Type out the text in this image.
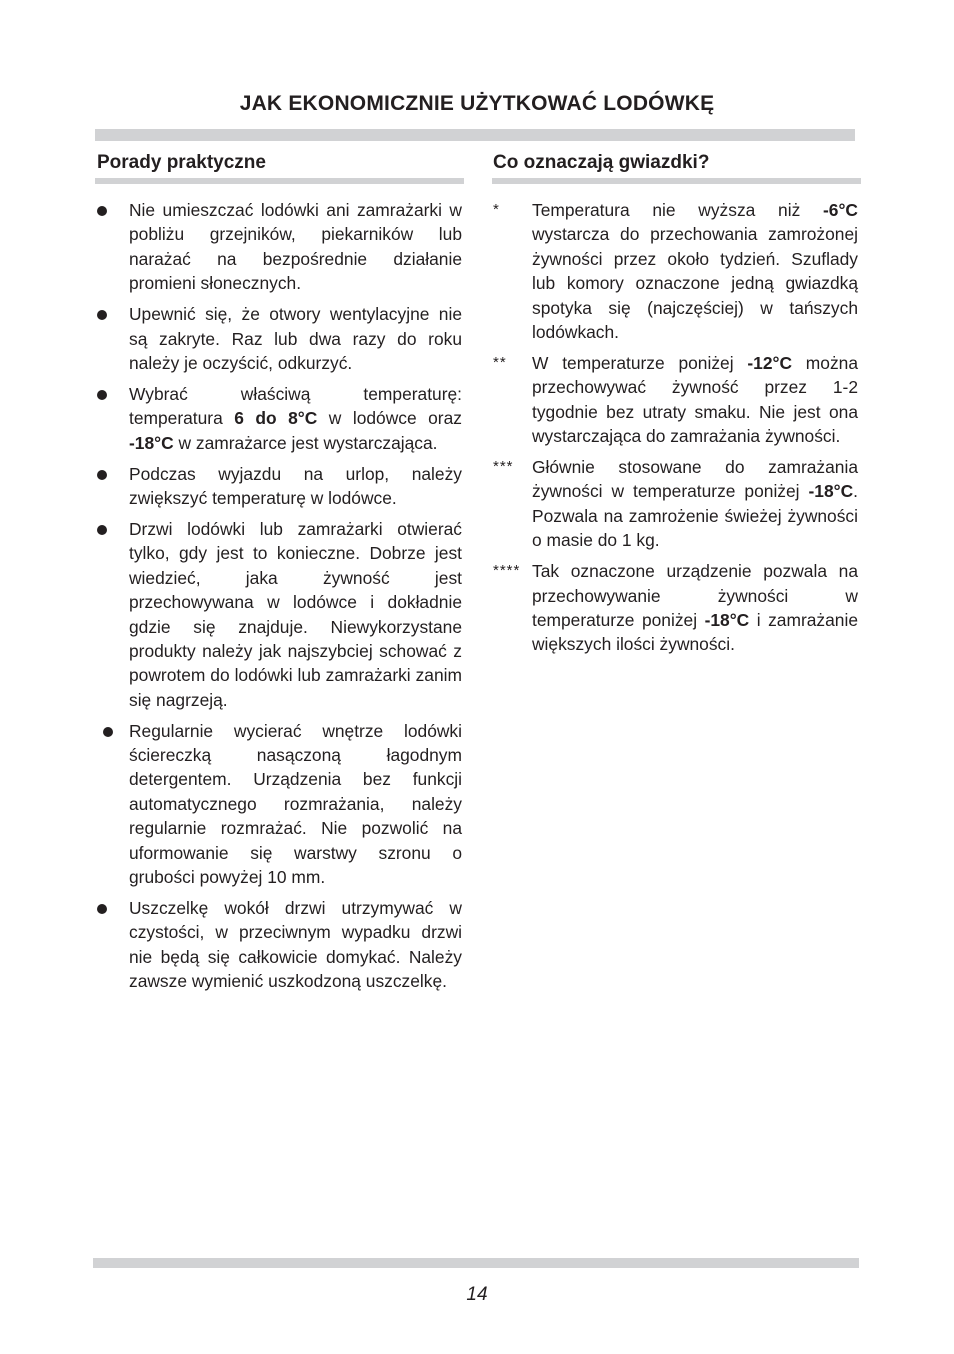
JAK EKONOMICZNIE UŻYTKOWAĆ LODÓWKĘ
Porady praktyczne	Co oznaczają gwiazdki?
Nie umieszczać lodówki ani zamrażarki w pobliżu grzejników, piekarników lub narażać na bezpośrednie działanie promieni słonecznych.
Upewnić się, że otwory wentylacyjne nie są zakryte. Raz lub dwa razy do roku należy je oczyścić, odkurzyć.
Wybrać właściwą temperaturę: temperatura 6 do 8°C w lodówce oraz -18°C w zamrażarce jest wystarczająca.
Podczas wyjazdu na urlop, należy zwiększyć temperaturę w lodówce.
Drzwi lodówki lub zamrażarki otwierać tylko, gdy jest to konieczne. Dobrze jest wiedzieć, jaka żywność jest przechowywana w lodówce i dokładnie gdzie się znajduje. Niewykorzystane produkty należy jak najszybciej schować z powrotem do lodówki lub zamrażarki zanim się nagrzeją.
Regularnie wycierać wnętrze lodówki ściereczką nasączoną łagodnym detergentem. Urządzenia bez funkcji automatycznego rozmrażania, należy regularnie rozmrażać. Nie pozwolić na uformowanie się warstwy szronu o grubości powyżej 10 mm.
Uszczelkę wokół drzwi utrzymywać w czystości, w przeciwnym wypadku drzwi nie będą się całkowicie domykać. Należy zawsze wymienić uszkodzoną uszczelkę.
* Temperatura nie wyższa niż -6°C wystarcza do przechowania zamrożonej żywności przez około tydzień. Szuflady lub komory oznaczone jedną gwiazdką spotyka się (najczęściej) w tańszych lodówkach.
** W temperaturze poniżej -12°C można przechowywać żywność przez 1-2 tygodnie bez utraty smaku. Nie jest ona wystarczająca do zamrażania żywności.
*** Głównie stosowane do zamrażania żywności w temperaturze poniżej -18°C. Pozwala na zamrożenie świeżej żywności o masie do 1 kg.
**** Tak oznaczone urządzenie pozwala na przechowywanie żywności w temperaturze poniżej -18°C i zamrażanie większych ilości żywności.
14
